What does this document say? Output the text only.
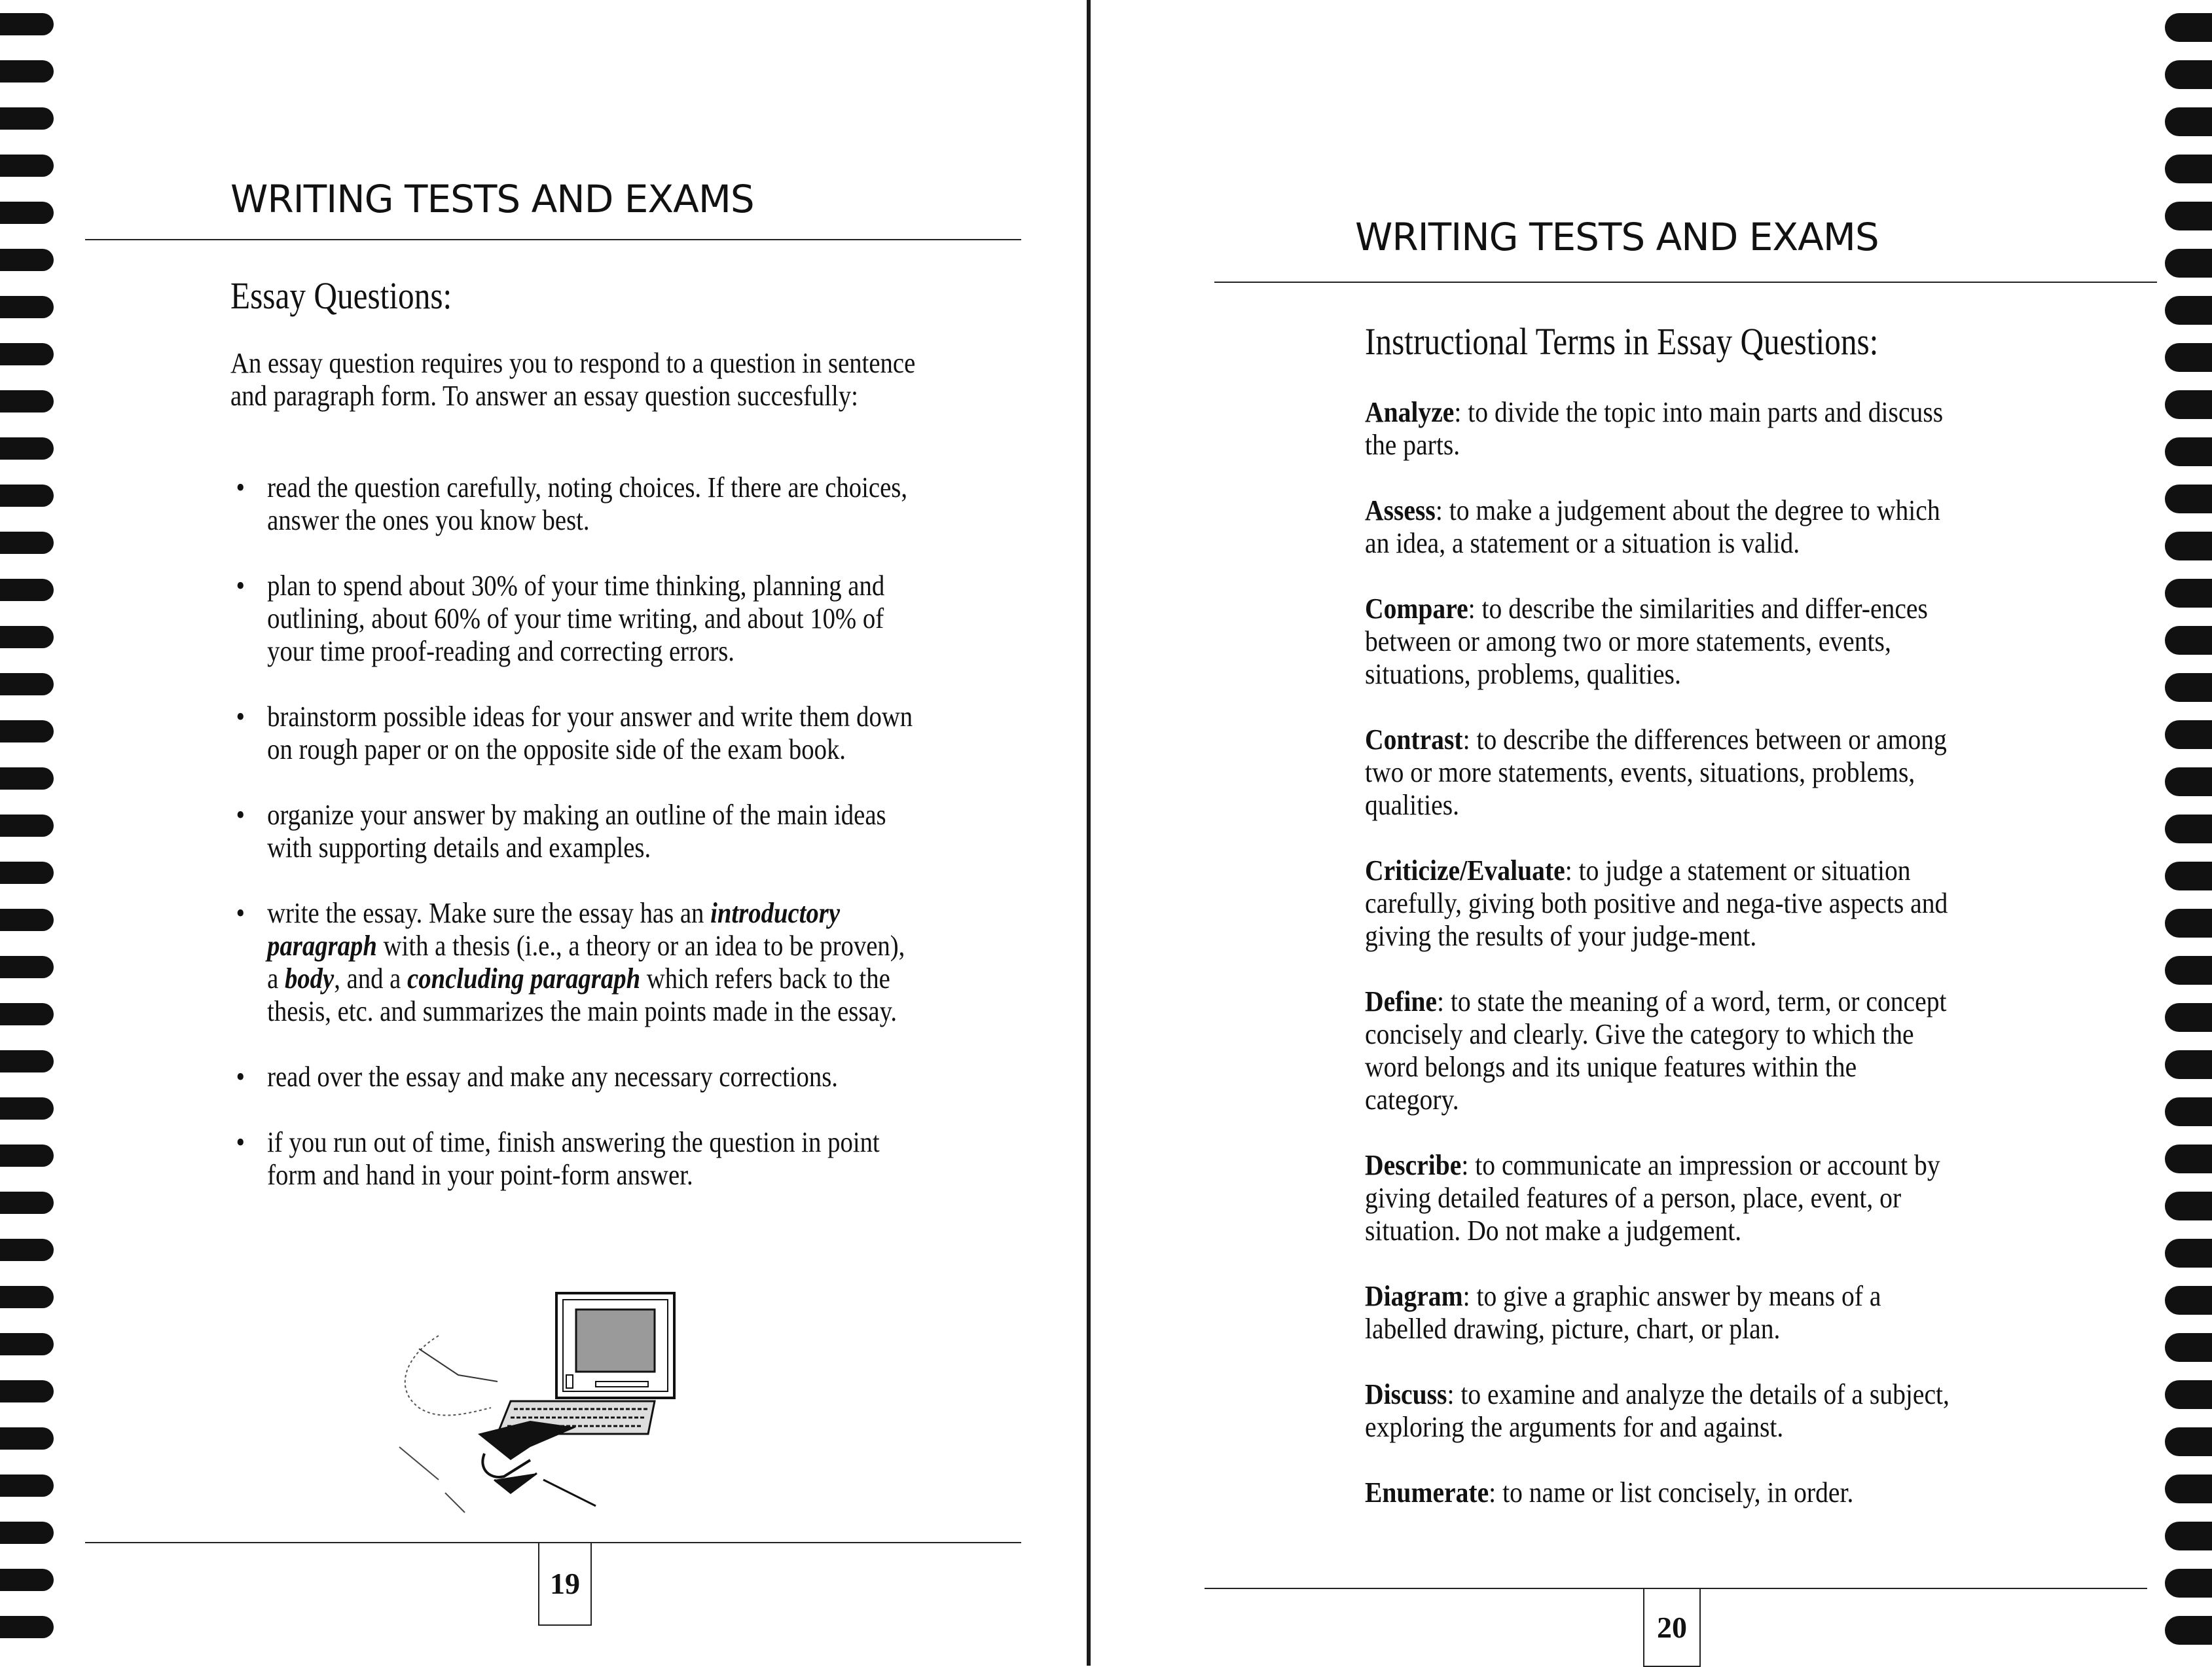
WRITING TESTS AND EXAMS
Essay Questions:
An essay question requires you to respond to a question in sentence and paragraph form. To answer an essay question succesfully:
• read the question carefully, noting choices. If there are choices, answer the ones you know best.
• plan to spend about 30% of your time thinking, planning and outlining, about 60% of your time writing, and about 10% of your time proof-reading and correcting errors.
• brainstorm possible ideas for your answer and write them down on rough paper or on the opposite side of the exam book.
• organize your answer by making an outline of the main ideas with supporting details and examples.
• write the essay. Make sure the essay has an introductory paragraph with a thesis (i.e., a theory or an idea to be proven), a body, and a concluding paragraph which refers back to the thesis, etc. and summarizes the main points made in the essay.
• read over the essay and make any necessary corrections.
• if you run out of time, finish answering the question in point form and hand in your point-form answer.
19
WRITING TESTS AND EXAMS
Instructional Terms in Essay Questions:
Analyze: to divide the topic into main parts and discuss the parts.
Assess: to make a judgement about the degree to which an idea, a statement or a situation is valid.
Compare: to describe the similarities and differ-ences between or among two or more statements, events, situations, problems, qualities.
Contrast: to describe the differences between or among two or more statements, events, situations, problems, qualities.
Criticize/Evaluate: to judge a statement or situation carefully, giving both positive and nega-tive aspects and giving the results of your judge-ment.
Define: to state the meaning of a word, term, or concept concisely and clearly. Give the category to which the word belongs and its unique features within the category.
Describe: to communicate an impression or account by giving detailed features of a person, place, event, or situation. Do not make a judgement.
Diagram: to give a graphic answer by means of a labelled drawing, picture, chart, or plan.
Discuss: to examine and analyze the details of a subject, exploring the arguments for and against.
Enumerate: to name or list concisely, in order.
20
